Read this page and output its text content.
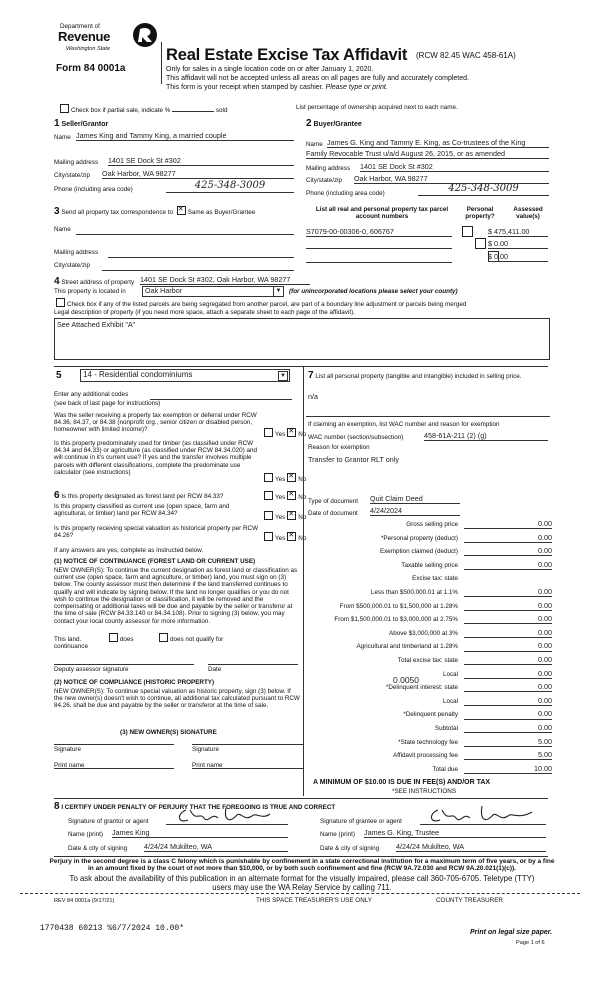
Department of
Revenue
Washington State
Form 84 0001a
Real Estate Excise Tax Affidavit (RCW 82.45 WAC 458-61A)
Only for sales in a single location code on or after January 1, 2020.
This affidavit will not be accepted unless all areas on all pages are fully and accurately completed.
This form is your receipt when stamped by cashier. Please type or print.
Check box if partial sale, indicate %	sold	List percentage of ownership acquired next to each name.
1 Seller/Grantor
Name James King and Tammy King, a married couple
Mailing address 1401 SE Dock St #302
City/state/zip Oak Harbor, WA 98277
Phone (including area code)	425-348-3009
2 Buyer/Grantee
Name James G. King and Tammy E. King, as Co-trustees of the King
Family Revocable Trust u/a/d August 26, 2015, or as amended
Mailing address 1401 SE Dock St #302
City/state/zip Oak Harbor, WA 98277
Phone (including area code)	425-348-3009
3 Send all property tax correspondence to ✕ Same as Buyer/Grantee
Name
Mailing address
City/state/zip
List all real and personal property tax parcel account numbers
Personal property?
Assessed value(s)
S7079-00-00306-0, 606767
	$ 475,411.00

$ 0.00
$ 0.00
4 Street address of property 1401 SE Dock St #302, Oak Harbor, WA 98277
This property is located in	Oak Harbor	▼ (for unincorporated locations please select your county)
Check box if any of the listed parcels are being segregated from another parcel, are part of a boundary line adjustment or parcels being merged
Legal description of property (if you need more space, attach a separate sheet to each page of the affidavit).
See Attached Exhibit "A"
5	14 - Residential condominiums	▼
Enter any additional codes
(see back of last page for instructions)
Was the seller receiving a property tax exemption or deferral under RCW 84.36, 84.37, or 84.38 (nonprofit org., senior citizen or disabled person, homeowner with limited income)?
Yes ✕ No
Is this property predominately used for timber (as classified under RCW 84.34 and 84.33) or agriculture (as classified under RCW 84.34.020) and will continue in it's current use? If yes and the transfer involves multiple parcels with different classifications, complete the predominate use calculator (see instructions)
Yes ✕ No
6 Is this property designated as forest land per RCW 84.33?	Yes ✕ No
Is this property classified as current use (open space, farm and agricultural, or timber) land per RCW 84.34?
Yes ✕ No
Is this property receiving special valuation as historical property per RCW 84.26?	Yes ✕ No
If any answers are yes, complete as instructed below.
(1) NOTICE OF CONTINUANCE (FOREST LAND OR CURRENT USE)
NEW OWNER(S): To continue the current designation as forest land or classification as current use (open space, farm and agriculture, or timber) land, you must sign on (3) below. The county assessor must then determine if the land transferred continues to qualify and will indicate by signing below. If the land no longer qualifies or you do not wish to continue the designation or classification, it will be removed and the compensating or additional taxes will be due and payable by the seller or transferor at the time of sale (RCW 84.33.140 or 84.34.108). Prior to signing (3) below, you may contact your local county assessor for more information.
This land.	does	does not qualify for
continuance
Deputy assessor signature	Date
(2) NOTICE OF COMPLIANCE (HISTORIC PROPERTY)
NEW OWNER(S): To continue special valuation as historic property, sign (3) below. If the new owner(s) doesn't wish to continue, all additional tax calculated pursuant to RCW 84.26, shall be due and payable by the seller or transferor at the time of sale.
(3) NEW OWNER(S) SIGNATURE
Signature	Signature
Print name	Print name
7 List all personal property (tangible and intangible) included in selling price.
n/a
If claiming an exemption, list WAC number and reason for exemption
WAC number (section/subsection)	458-61A-211 (2) (g)
Reason for exemption
Transfer to Grantor RLT only
Type of document Quit Claim Deed
Date of document 4/24/2024
Gross selling price	0.00
*Personal property (deduct)	0.00
Exemption claimed (deduct)	0.00
Taxable selling price	0.00
Excise tax: state
Less than $500,000.01 at 1.1%	0.00
From $500,000.01 to $1,500,000 at 1.28%	0.00
From $1,500,000.01 to $3,000,000 at 2.75%	0.00
Above $3,000,000 at 3%	0.00
Agricultural and timberland at 1.28%	0.00
Total excise tax: state	0.00
Local	0.00
*Delinquent interest: state	0.00
Local	0.00
*Delinquent penalty	0.00
Subtotal	0.00
*State technology fee	5.00
Affidavit processing fee	5.00
Total due	10.00
0.0050
A MINIMUM OF $10.00 IS DUE IN FEE(S) AND/OR TAX
*SEE INSTRUCTIONS
8 I CERTIFY UNDER PENALTY OF PERJURY THAT THE FOREGOING IS TRUE AND CORRECT
Signature of grantor or agent
Name (print) James King
Date & city of signing 4/24/24 Mukilteo, WA
Signature of grantee or agent
Name (print) James G. King, Trustee
Date & city of signing 4/24/24 Mukilteo, WA
Perjury in the second degree is a class C felony which is punishable by confinement in a state correctional institution for a maximum term of five years, or by a fine in an amount fixed by the court of not more than $10,000, or by both such confinement and fine (RCW 9A.72.030 and RCW 9A.20.021(1)(c)).
To ask about the availability of this publication in an alternate format for the visually impaired, please call 360-705-6705. Teletype (TTY) users may use the WA Relay Service by calling 711.
REV 84 0001a (9/17/21)	THIS SPACE TREASURER'S USE ONLY	COUNTY TREASURER
1770438 60213 %6/7/2024 10.00*	Print on legal size paper.
Page 1 of 6
